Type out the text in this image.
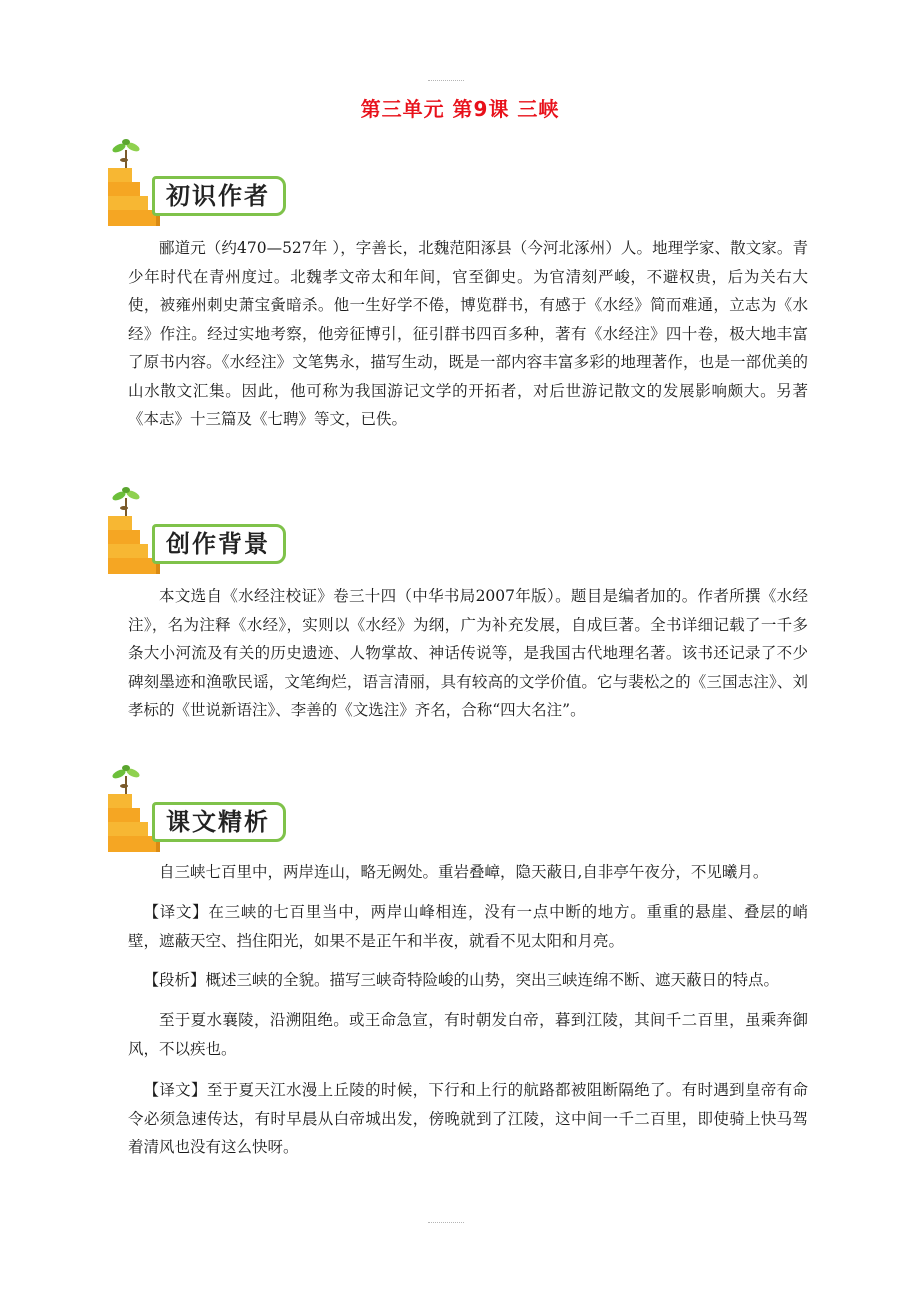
第三单元 第9课 三峡
初识作者

郦道元（约470—527年 ），字善长，北魏范阳涿县（今河北涿州）人。地理学家、散文家。青少年时代在青州度过。北魏孝文帝太和年间，官至御史。为官清刻严峻，不避权贵，后为关右大使，被雍州刺史萧宝夤暗杀。他一生好学不倦，博览群书，有感于《水经》简而难通，立志为《水经》作注。经过实地考察，他旁征博引，征引群书四百多种，著有《水经注》四十卷，极大地丰富了原书内容。《水经注》文笔隽永，描写生动，既是一部内容丰富多彩的地理著作，也是一部优美的山水散文汇集。因此，他可称为我国游记文学的开拓者，对后世游记散文的发展影响颇大。另著《本志》十三篇及《七聘》等文，已佚。

创作背景

本文选自《水经注校证》卷三十四（中华书局2007年版）。题目是编者加的。作者所撰《水经注》，名为注释《水经》，实则以《水经》为纲，广为补充发展，自成巨著。全书详细记载了一千多条大小河流及有关的历史遗迹、人物掌故、神话传说等，是我国古代地理名著。该书还记录了不少碑刻墨迹和渔歌民谣，文笔绚烂，语言清丽，具有较高的文学价值。它与裴松之的《三国志注》、刘孝标的《世说新语注》、李善的《文选注》齐名，合称“四大名注”。

课文精析

自三峡七百里中，两岸连山，略无阙处。重岩叠嶂，隐天蔽日,自非亭午夜分，不见曦月。

【译文】在三峡的七百里当中，两岸山峰相连，没有一点中断的地方。重重的悬崖、叠层的峭壁，遮蔽天空、挡住阳光，如果不是正午和半夜，就看不见太阳和月亮。

【段析】概述三峡的全貌。描写三峡奇特险峻的山势，突出三峡连绵不断、遮天蔽日的特点。

至于夏水襄陵，沿溯阻绝。或王命急宣，有时朝发白帝，暮到江陵，其间千二百里，虽乘奔御风，不以疾也。

【译文】至于夏天江水漫上丘陵的时候，下行和上行的航路都被阻断隔绝了。有时遇到皇帝有命令必须急速传达，有时早晨从白帝城出发，傍晚就到了江陵，这中间一千二百里，即使骑上快马驾着清风也没有这么快呀。
